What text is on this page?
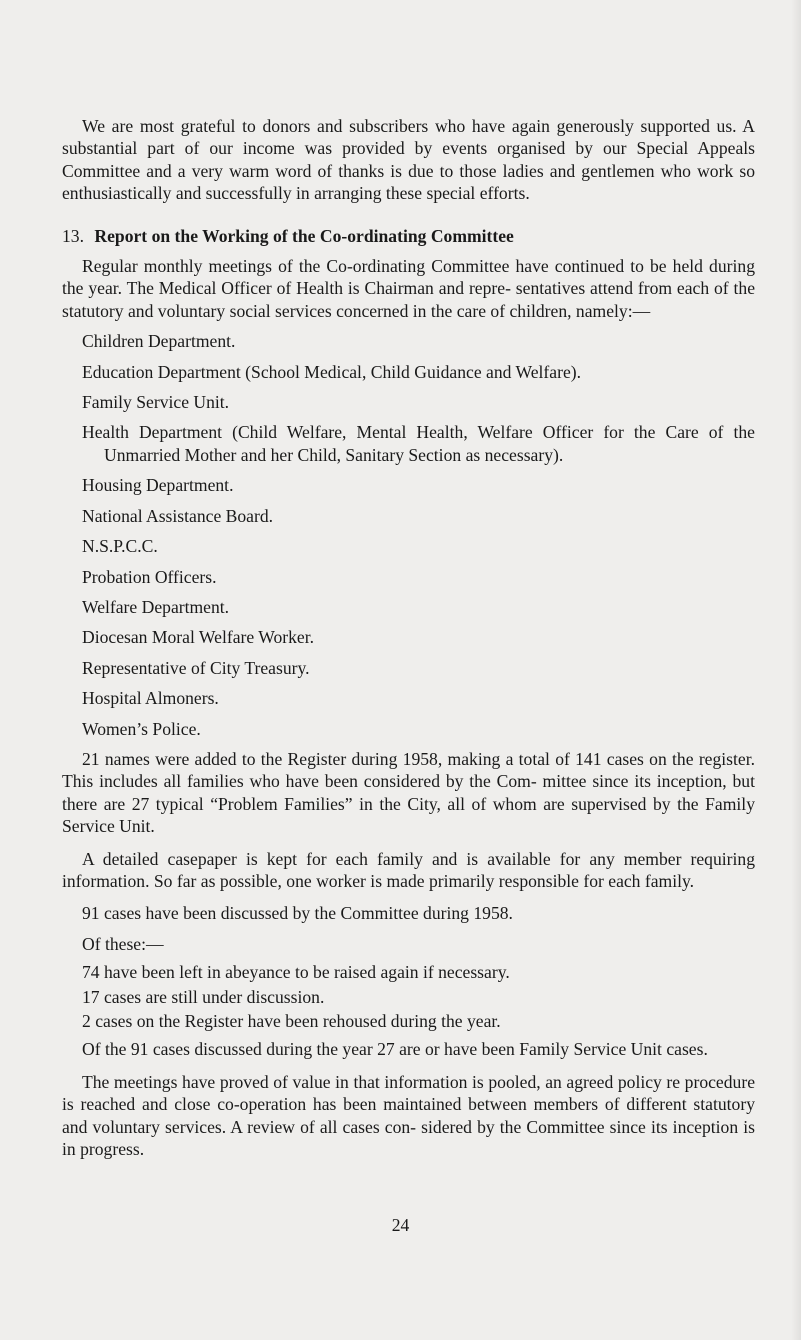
We are most grateful to donors and subscribers who have again generously supported us. A substantial part of our income was provided by events organised by our Special Appeals Committee and a very warm word of thanks is due to those ladies and gentlemen who work so enthusiastically and successfully in arranging these special efforts.

13. Report on the Working of the Co-ordinating Committee

Regular monthly meetings of the Co-ordinating Committee have continued to be held during the year. The Medical Officer of Health is Chairman and repre- sentatives attend from each of the statutory and voluntary social services concerned in the care of children, namely:—

Children Department.
Education Department (School Medical, Child Guidance and Welfare).
Family Service Unit.
Health Department (Child Welfare, Mental Health, Welfare Officer for the Care of the Unmarried Mother and her Child, Sanitary Section as necessary).
Housing Department.
National Assistance Board.
N.S.P.C.C.
Probation Officers.
Welfare Department.
Diocesan Moral Welfare Worker.
Representative of City Treasury.
Hospital Almoners.
Women’s Police.

21 names were added to the Register during 1958, making a total of 141 cases on the register. This includes all families who have been considered by the Com- mittee since its inception, but there are 27 typical “Problem Families” in the City, all of whom are supervised by the Family Service Unit.

A detailed casepaper is kept for each family and is available for any member requiring information. So far as possible, one worker is made primarily responsible for each family.

91 cases have been discussed by the Committee during 1958.

Of these:—

74 have been left in abeyance to be raised again if necessary.
17 cases are still under discussion.
2 cases on the Register have been rehoused during the year.

Of the 91 cases discussed during the year 27 are or have been Family Service Unit cases.

The meetings have proved of value in that information is pooled, an agreed policy re procedure is reached and close co-operation has been maintained between members of different statutory and voluntary services. A review of all cases con- sidered by the Committee since its inception is in progress.

24
